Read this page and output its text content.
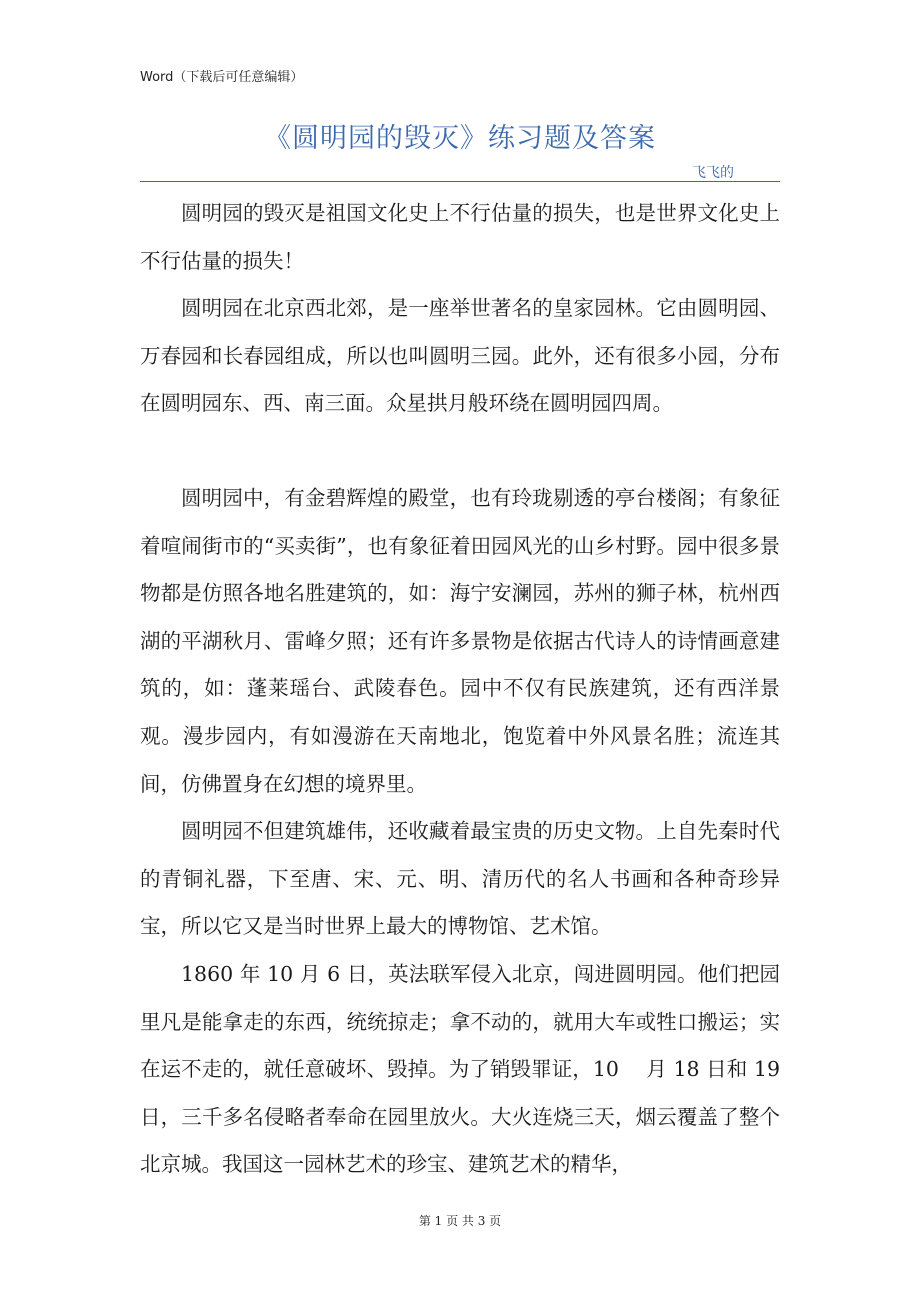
Word（下载后可任意编辑）
《圆明园的毁灭》练习题及答案
飞飞的

圆明园的毁灭是祖国文化史上不行估量的损失，也是世界文化史上不行估量的损失！

圆明园在北京西北郊，是一座举世著名的皇家园林。它由圆明园、万春园和长春园组成，所以也叫圆明三园。此外，还有很多小园，分布在圆明园东、西、南三面。众星拱月般环绕在圆明园四周。

圆明园中，有金碧辉煌的殿堂，也有玲珑剔透的亭台楼阁；有象征着喧闹街市的“买卖街”，也有象征着田园风光的山乡村野。园中很多景物都是仿照各地名胜建筑的，如：海宁安澜园，苏州的狮子林，杭州西湖的平湖秋月、雷峰夕照；还有许多景物是依据古代诗人的诗情画意建筑的，如：蓬莱瑶台、武陵春色。园中不仅有民族建筑，还有西洋景观。漫步园内，有如漫游在天南地北，饱览着中外风景名胜；流连其间，仿佛置身在幻想的境界里。

圆明园不但建筑雄伟，还收藏着最宝贵的历史文物。上自先秦时代的青铜礼器，下至唐、宋、元、明、清历代的名人书画和各种奇珍异宝，所以它又是当时世界上最大的博物馆、艺术馆。

1860 年 10 月 6 日，英法联军侵入北京，闯进圆明园。他们把园里凡是能拿走的东西，统统掠走；拿不动的，就用大车或牲口搬运；实在运不走的，就任意破坏、毁掉。为了销毁罪证，10　 月 18 日和 19 日，三千多名侵略者奉命在园里放火。大火连烧三天，烟云覆盖了整个北京城。我国这一园林艺术的珍宝、建筑艺术的精华，

第 1 页 共 3 页
